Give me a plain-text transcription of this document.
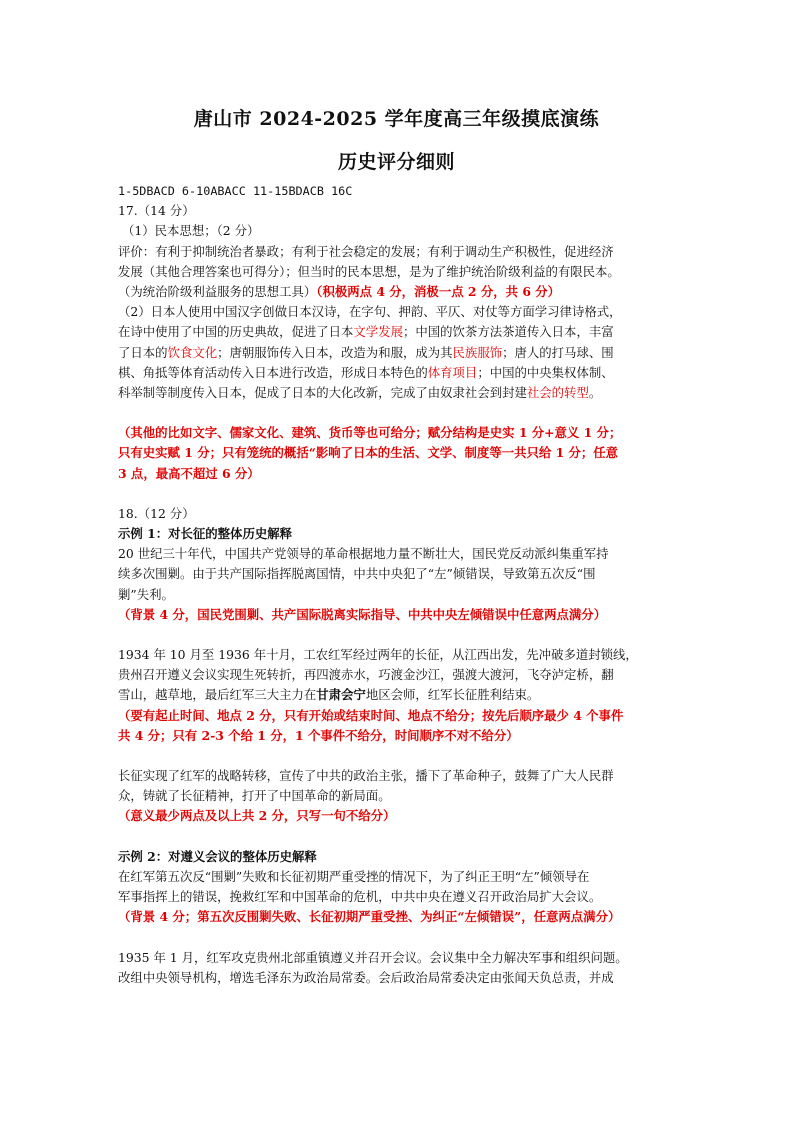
唐山市 2024-2025 学年度高三年级摸底演练
历史评分细则

1-5DBACD 6-10ABACC 11-15BDACB 16C

17.（14 分）

（1）民本思想；（2 分）

评价：有利于抑制统治者暴政；有利于社会稳定的发展；有利于调动生产积极性，促进经济

发展（其他合理答案也可得分）；但当时的民本思想，是为了维护统治阶级利益的有限民本。

（为统治阶级利益服务的思想工具）（积极两点 4 分，消极一点 2 分，共 6 分）

（2）日本人使用中国汉字创做日本汉诗，在字句、押韵、平仄、对仗等方面学习律诗格式，

在诗中使用了中国的历史典故，促进了日本文学发展；中国的饮茶方法茶道传入日本，丰富

了日本的饮食文化；唐朝服饰传入日本，改造为和服，成为其民族服饰；唐人的打马球、围

棋、角抵等体育活动传入日本进行改造，形成日本特色的体育项目；中国的中央集权体制、

科举制等制度传入日本，促成了日本的大化改新，完成了由奴隶社会到封建社会的转型。

（其他的比如文字、儒家文化、建筑、货币等也可给分；赋分结构是史实 1 分+意义 1 分；

只有史实赋 1 分；只有笼统的概括“影响了日本的生活、文学、制度等一共只给 1 分；任意

3 点，最高不超过 6 分）

18.（12 分）

示例 1：对长征的整体历史解释

20 世纪三十年代，中国共产党领导的革命根据地力量不断壮大，国民党反动派纠集重军持

续多次围剿。由于共产国际指挥脱离国情，中共中央犯了“左”倾错误，导致第五次反“围

剿”失利。

（背景 4 分，国民党围剿、共产国际脱离实际指导、中共中央左倾错误中任意两点满分）

1934 年 10 月至 1936 年十月，工农红军经过两年的长征，从江西出发，先冲破多道封锁线，

贵州召开遵义会议实现生死转折，再四渡赤水，巧渡金沙江，强渡大渡河，飞夺泸定桥，翻

雪山，越草地，最后红军三大主力在甘肃会宁地区会师，红军长征胜利结束。

（要有起止时间、地点 2 分，只有开始或结束时间、地点不给分；按先后顺序最少 4 个事件

共 4 分；只有 2-3 个给 1 分，1 个事件不给分，时间顺序不对不给分）

长征实现了红军的战略转移，宣传了中共的政治主张，播下了革命种子，鼓舞了广大人民群

众，铸就了长征精神，打开了中国革命的新局面。

（意义最少两点及以上共 2 分，只写一句不给分）

示例 2：对遵义会议的整体历史解释

在红军第五次反“围剿”失败和长征初期严重受挫的情况下，为了纠正王明“左”倾领导在

军事指挥上的错误，挽救红军和中国革命的危机，中共中央在遵义召开政治局扩大会议。

（背景 4 分；第五次反围剿失败、长征初期严重受挫、为纠正“左倾错误”，任意两点满分）

1935 年 1 月，红军攻克贵州北部重镇遵义并召开会议。会议集中全力解决军事和组织问题。

改组中央领导机构，增选毛泽东为政治局常委。会后政治局常委决定由张闻天负总责，并成
